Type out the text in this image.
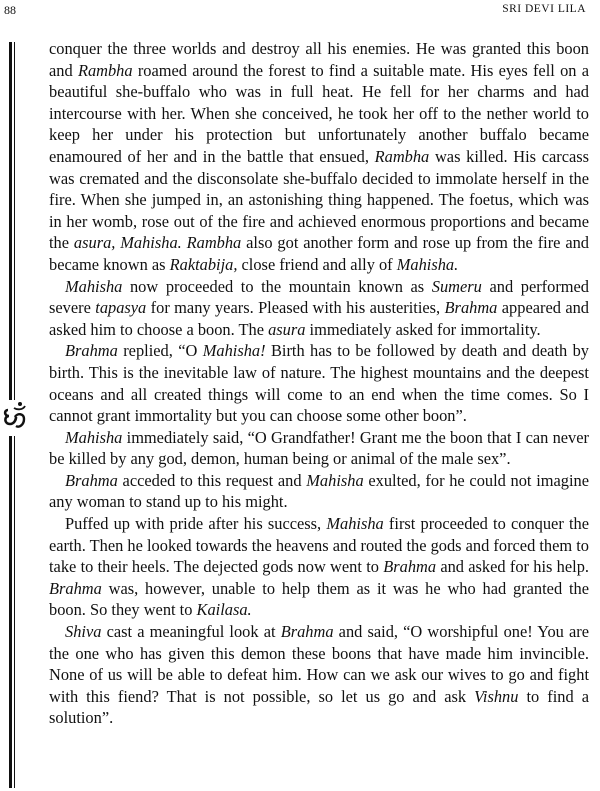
88	SRI DEVI LILA

conquer the three worlds and destroy all his enemies. He was granted this boon and Rambha roamed around the forest to find a suitable mate. His eyes fell on a beautiful she-buffalo who was in full heat. He fell for her charms and had intercourse with her. When she conceived, he took her off to the nether world to keep her under his protection but unfortunately another buffalo became enamoured of her and in the battle that ensued, Rambha was killed. His carcass was cremated and the disconsolate she-buffalo decided to immolate herself in the fire. When she jumped in, an astonishing thing happened. The foetus, which was in her womb, rose out of the fire and achieved enormous proportions and became the asura, Mahisha. Rambha also got another form and rose up from the fire and became known as Raktabija, close friend and ally of Mahisha.

Mahisha now proceeded to the mountain known as Sumeru and performed severe tapasya for many years. Pleased with his austerities, Brahma appeared and asked him to choose a boon. The asura immediately asked for immortality.

Brahma replied, “O Mahisha! Birth has to be followed by death and death by birth. This is the inevitable law of nature. The highest mountains and the deepest oceans and all created things will come to an end when the time comes. So I cannot grant immortality but you can choose some other boon”.

Mahisha immediately said, “O Grandfather! Grant me the boon that I can never be killed by any god, demon, human being or animal of the male sex”.

Brahma acceded to this request and Mahisha exulted, for he could not imagine any woman to stand up to his might.

Puffed up with pride after his success, Mahisha first proceeded to conquer the earth. Then he looked towards the heavens and routed the gods and forced them to take to their heels. The dejected gods now went to Brahma and asked for his help. Brahma was, however, unable to help them as it was he who had granted the boon. So they went to Kailasa.

Shiva cast a meaningful look at Brahma and said, “O worshipful one! You are the one who has given this demon these boons that have made him invincible. None of us will be able to defeat him. How can we ask our wives to go and fight with this fiend? That is not possible, so let us go and ask Vishnu to find a solution”.
